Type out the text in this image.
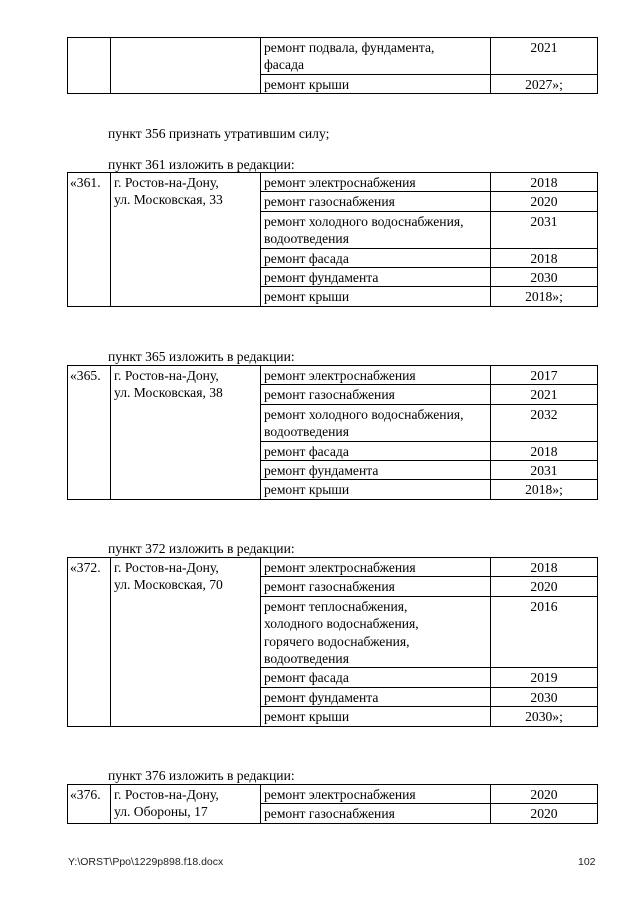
		ремонт подвала, фундамента,
фасада	2021

		ремонт крыши	2027»;

пункт 356 признать утратившим силу;

пункт 361 изложить в редакции:

«361.	г. Ростов-на-Дону,
ул. Московская, 33	ремонт электроснабжения	2018

		ремонт газоснабжения	2020

		ремонт холодного водоснабжения,
водоотведения	2031

		ремонт фасада	2018

		ремонт фундамента	2030

		ремонт крыши	2018»;

пункт 365 изложить в редакции:

«365.	г. Ростов-на-Дону,
ул. Московская, 38	ремонт электроснабжения	2017

		ремонт газоснабжения	2021

		ремонт холодного водоснабжения,
водоотведения	2032

		ремонт фасада	2018

		ремонт фундамента	2031

		ремонт крыши	2018»;

пункт 372 изложить в редакции:

«372.	г. Ростов-на-Дону,
ул. Московская, 70	ремонт электроснабжения	2018

		ремонт газоснабжения	2020

		ремонт теплоснабжения,
холодного водоснабжения,
горячего водоснабжения,
водоотведения	2016

		ремонт фасада	2019

		ремонт фундамента	2030

		ремонт крыши	2030»;

пункт 376 изложить в редакции:

«376.	г. Ростов-на-Дону,
ул. Обороны, 17	ремонт электроснабжения	2020

		ремонт газоснабжения	2020
Y:\ORST\Ppo\1229p898.f18.docx	102
